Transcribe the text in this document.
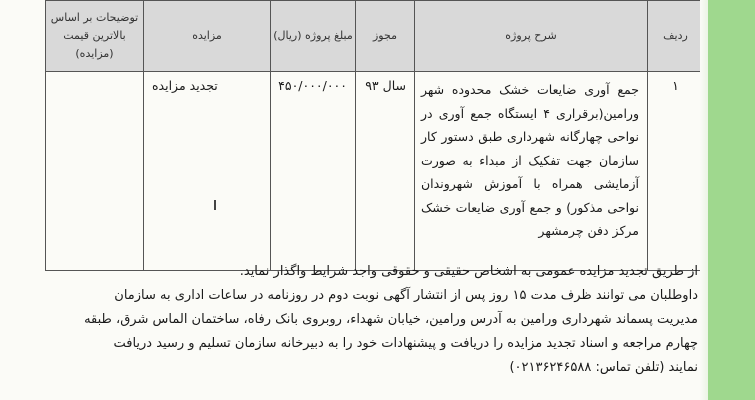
ردیف	شرح پروژه	مجوز	مبلغ پروژه (ریال)	مزایده	توضیحات بر اساس بالاترین قیمت (مزایده)
۱	جمع آوری ضایعات خشک محدوده شهر ورامین(برقراری ۴ ایستگاه جمع آوری در نواحی چهارگانه شهرداری طبق دستور کار سازمان جهت تفکیک از مبداء به صورت آزمایشی همراه با آموزش شهروندان نواحی مذکور) و جمع آوری ضایعات خشک مرکز دفن چرمشهر	سال ۹۳	۴۵۰/۰۰۰/۰۰۰	تجدید مزایده	
از طریق تجدید مزایده عمومی به اشخاص حقیقی و حقوقی واجد شرایط واگذار نماید.
داوطلبان می توانند ظرف مدت ۱۵ روز پس از انتشار آگهی نوبت دوم در روزنامه در ساعات اداری به سازمان
مدیریت پسماند شهرداری ورامین به آدرس ورامین، خیابان شهداء، روبروی بانک رفاه، ساختمان الماس شرق، طبقه
چهارم مراجعه و اسناد تجدید مزایده را دریافت و پیشنهادات خود را به دبیرخانه سازمان تسلیم و رسید دریافت
نمایند (تلفن تماس: ۰۲۱۳۶۲۴۶۵۸۸)
